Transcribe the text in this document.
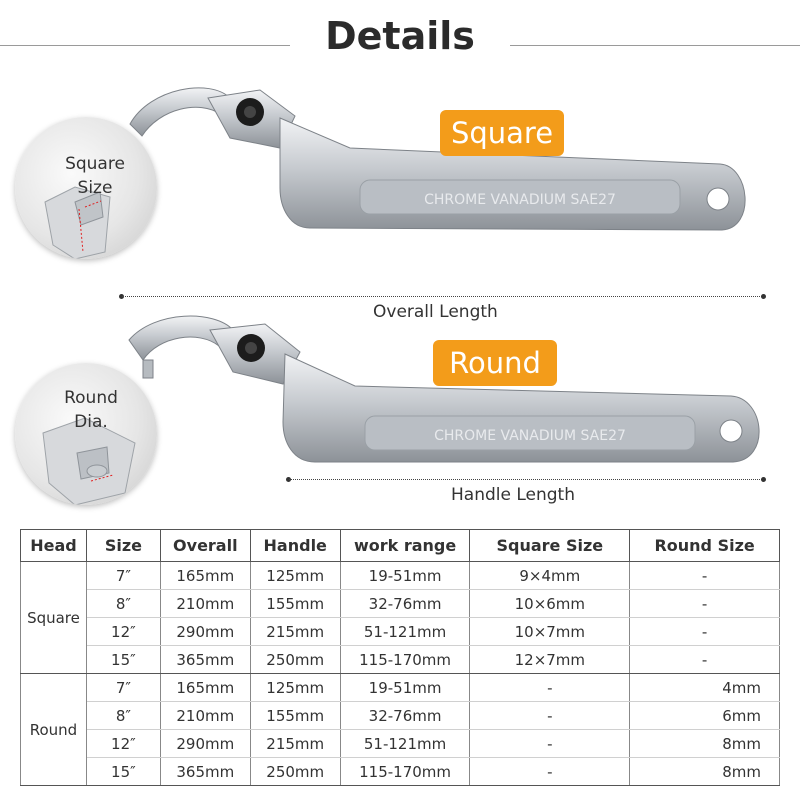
Details
CHROME VANADIUM SAE27
Square
Square
Size
Overall Length
CHROME VANADIUM SAE27
Round
Round
Dia.
Handle Length
Head	Size	Overall	Handle	work range	Square Size	Round Size
Square	7″	165mm	125mm	19-51mm	9×4mm	-
	8″	210mm	155mm	32-76mm	10×6mm	-
	12″	290mm	215mm	51-121mm	10×7mm	-
	15″	365mm	250mm	115-170mm	12×7mm	-
Round	7″	165mm	125mm	19-51mm	-	4mm
	8″	210mm	155mm	32-76mm	-	6mm
	12″	290mm	215mm	51-121mm	-	8mm
	15″	365mm	250mm	115-170mm	-	8mm
